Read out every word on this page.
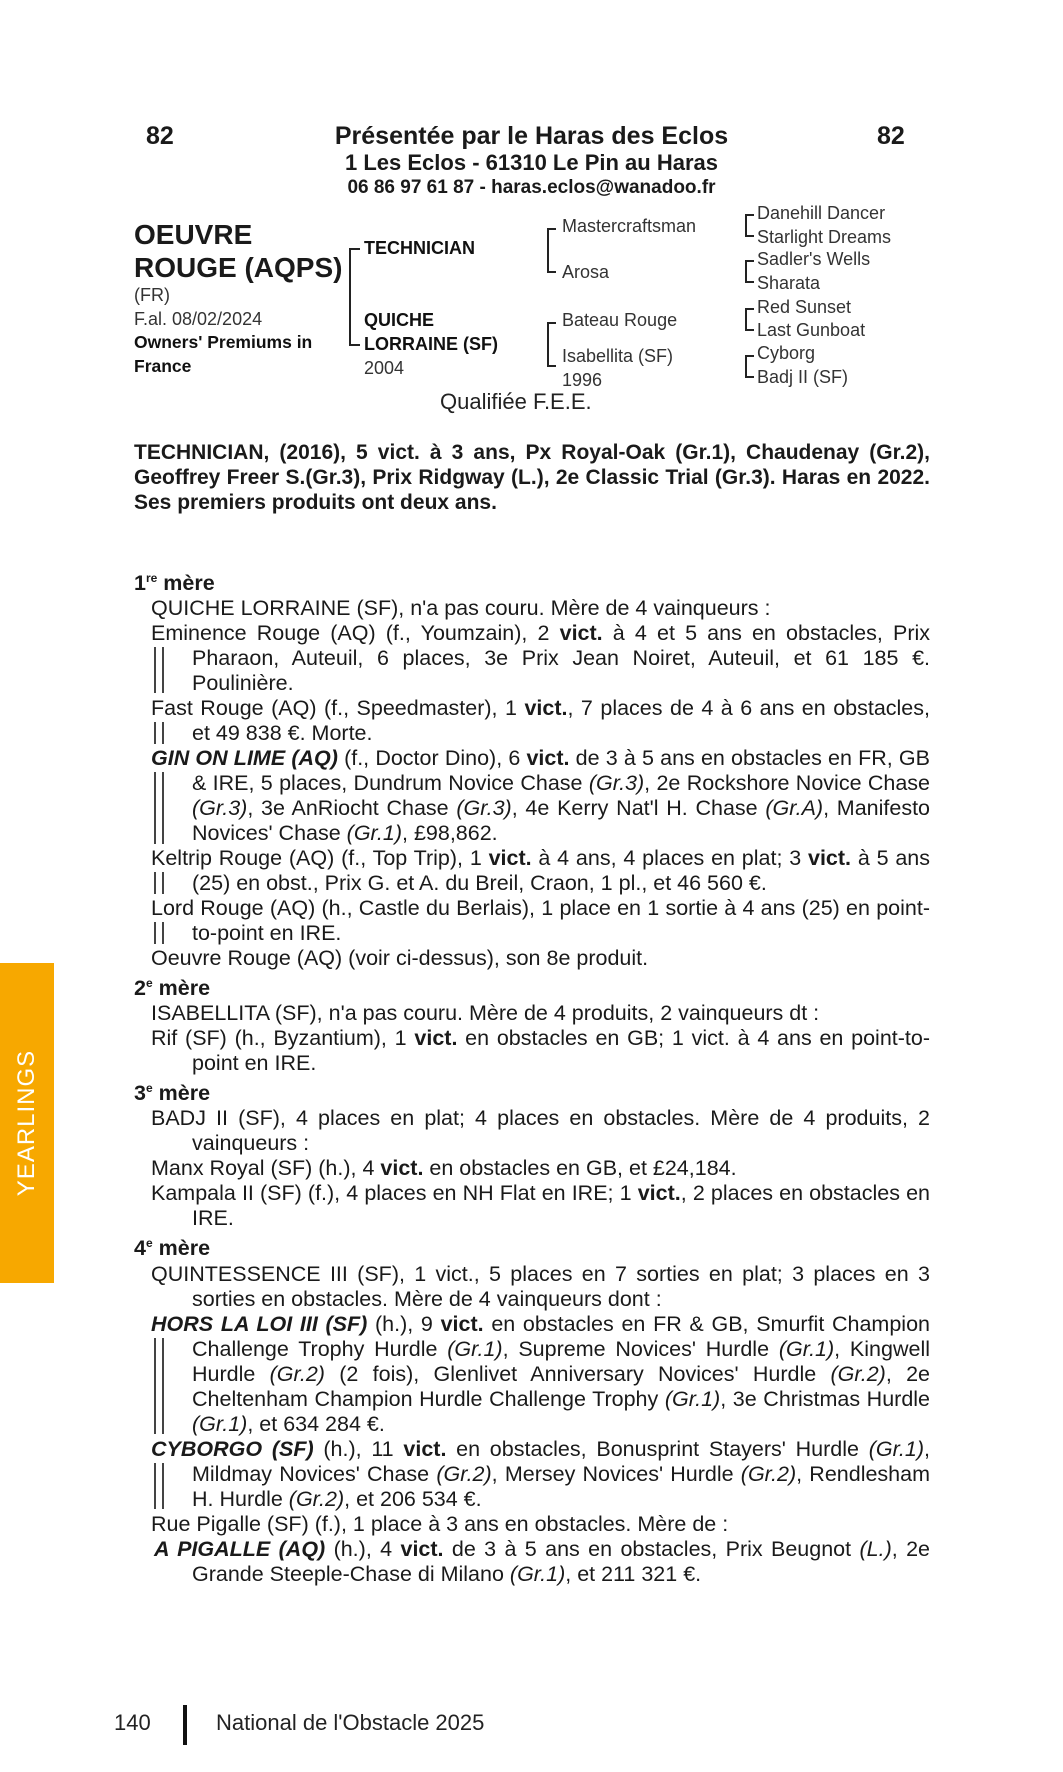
82	82
Présentée par le Haras des Eclos
1 Les Eclos - 61310 Le Pin au Haras
06 86 97 61 87 - haras.eclos@wanadoo.fr
OEUVRE
ROUGE (AQPS)
(FR)
F.al. 08/02/2024
Owners' Premiums in
France
TECHNICIAN
QUICHE
LORRAINE (SF)
2004
Mastercraftsman
Arosa
Bateau Rouge
Isabellita (SF)
1996
Danehill Dancer
Starlight Dreams
Sadler's Wells
Sharata
Red Sunset
Last Gunboat
Cyborg
Badj II (SF)
Qualifiée F.E.E.
TECHNICIAN, (2016), 5 vict. à 3 ans, Px Royal-Oak (Gr.1), Chaudenay (Gr.2), Geoffrey Freer S.(Gr.3), Prix Ridgway (L.), 2e Classic Trial (Gr.3). Haras en 2022. Ses premiers produits ont deux ans.

1re mère

QUICHE LORRAINE (SF), n'a pas couru. Mère de 4 vainqueurs :

Eminence Rouge (AQ) (f., Youmzain), 2 vict. à 4 et 5 ans en obstacles, Prix Pharaon, Auteuil, 6 places, 3e Prix Jean Noiret, Auteuil, et 61 185 €. Poulinière.

Fast Rouge (AQ) (f., Speedmaster), 1 vict., 7 places de 4 à 6 ans en obstacles, et 49 838 €. Morte.

GIN ON LIME (AQ) (f., Doctor Dino), 6 vict. de 3 à 5 ans en obstacles en FR, GB & IRE, 5 places, Dundrum Novice Chase (Gr.3), 2e Rockshore Novice Chase (Gr.3), 3e AnRiocht Chase (Gr.3), 4e Kerry Nat'l H. Chase (Gr.A), Manifesto Novices' Chase (Gr.1), £98,862.

Keltrip Rouge (AQ) (f., Top Trip), 1 vict. à 4 ans, 4 places en plat; 3 vict. à 5 ans (25) en obst., Prix G. et A. du Breil, Craon, 1 pl., et 46 560 €.

Lord Rouge (AQ) (h., Castle du Berlais), 1 place en 1 sortie à 4 ans (25) en point-to-point en IRE.

Oeuvre Rouge (AQ) (voir ci-dessus), son 8e produit.

2e mère

ISABELLITA (SF), n'a pas couru. Mère de 4 produits, 2 vainqueurs dt :

Rif (SF) (h., Byzantium), 1 vict. en obstacles en GB; 1 vict. à 4 ans en point-to-point en IRE.

3e mère

BADJ II (SF), 4 places en plat; 4 places en obstacles. Mère de 4 produits, 2 vainqueurs :

Manx Royal (SF) (h.), 4 vict. en obstacles en GB, et £24,184.

Kampala II (SF) (f.), 4 places en NH Flat en IRE; 1 vict., 2 places en obstacles en IRE.

4e mère

QUINTESSENCE III (SF), 1 vict., 5 places en 7 sorties en plat; 3 places en 3 sorties en obstacles. Mère de 4 vainqueurs dont :

HORS LA LOI III (SF) (h.), 9 vict. en obstacles en FR & GB, Smurfit Champion Challenge Trophy Hurdle (Gr.1), Supreme Novices' Hurdle (Gr.1), Kingwell Hurdle (Gr.2) (2 fois), Glenlivet Anniversary Novices' Hurdle (Gr.2), 2e Cheltenham Champion Hurdle Challenge Trophy (Gr.1), 3e Christmas Hurdle (Gr.1), et 634 284 €.

CYBORGO (SF) (h.), 11 vict. en obstacles, Bonusprint Stayers' Hurdle (Gr.1), Mildmay Novices' Chase (Gr.2), Mersey Novices' Hurdle (Gr.2), Rendlesham H. Hurdle (Gr.2), et 206 534 €.

Rue Pigalle (SF) (f.), 1 place à 3 ans en obstacles. Mère de :

A PIGALLE (AQ) (h.), 4 vict. de 3 à 5 ans en obstacles, Prix Beugnot (L.), 2e Grande Steeple-Chase di Milano (Gr.1), et 211 321 €.

YEARLINGS
140	National de l'Obstacle 2025
